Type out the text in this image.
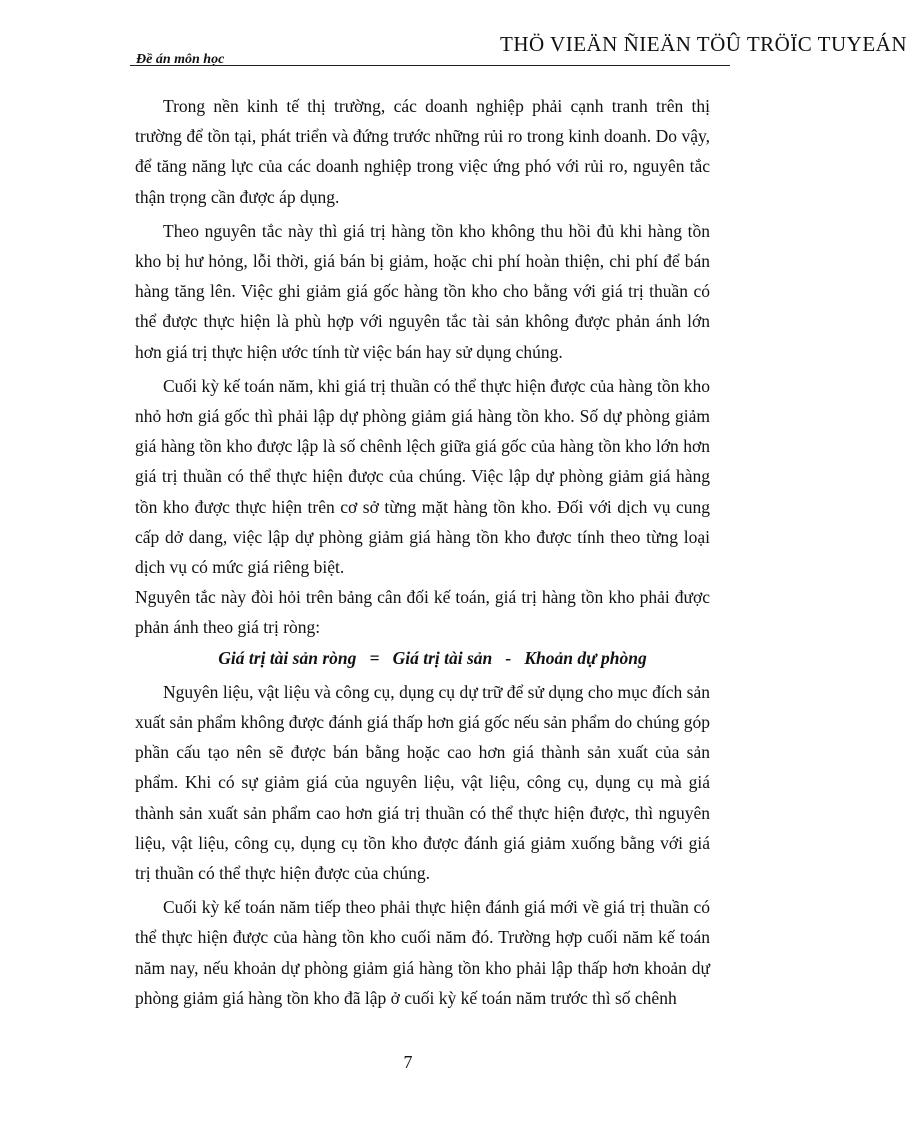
Đề án môn học
THÖ VIEÄN ÑIEÄN TÖÛ TRÖÏC TUYEÁN

Trong nền kinh tế thị trường, các doanh nghiệp phải cạnh tranh trên thị trường để tồn tại, phát triển và đứng trước những rủi ro trong kinh doanh. Do vậy, để tăng năng lực của các doanh nghiệp trong việc ứng phó với rủi ro, nguyên tắc thận trọng cần được áp dụng.

Theo nguyên tắc này thì giá trị hàng tồn kho không thu hồi đủ khi hàng tồn kho bị hư hỏng, lỗi thời, giá bán bị giảm, hoặc chi phí hoàn thiện, chi phí để bán hàng tăng lên. Việc ghi giảm giá gốc hàng tồn kho cho bằng với giá trị thuần có thể được thực hiện là phù hợp với nguyên tắc tài sản không được phản ánh lớn hơn giá trị thực hiện ước tính từ việc bán hay sử dụng chúng.

Cuối kỳ kế toán năm, khi giá trị thuần có thể thực hiện được của hàng tồn kho nhỏ hơn giá gốc thì phải lập dự phòng giảm giá hàng tồn kho. Số dự phòng giảm giá hàng tồn kho được lập là số chênh lệch giữa giá gốc của hàng tồn kho lớn hơn giá trị thuần có thể thực hiện được của chúng. Việc lập dự phòng giảm giá hàng tồn kho được thực hiện trên cơ sở từng mặt hàng tồn kho. Đối với dịch vụ cung cấp dở dang, việc lập dự phòng giảm giá hàng tồn kho được tính theo từng loại dịch vụ có mức giá riêng biệt.

Nguyên tắc này đòi hỏi trên bảng cân đối kế toán, giá trị hàng tồn kho phải được phản ánh theo giá trị ròng:

Giá trị tài sản ròng   =   Giá trị tài sản   -   Khoản dự phòng

Nguyên liệu, vật liệu và công cụ, dụng cụ dự trữ để sử dụng cho mục đích sản xuất sản phẩm không được đánh giá thấp hơn giá gốc nếu sản phẩm do chúng góp phần cấu tạo nên sẽ được bán bằng hoặc cao hơn giá thành sản xuất của sản phẩm. Khi có sự giảm giá của nguyên liệu, vật liệu, công cụ, dụng cụ mà giá thành sản xuất sản phẩm cao hơn giá trị thuần có thể thực hiện được, thì nguyên liệu, vật liệu, công cụ, dụng cụ tồn kho được đánh giá giảm xuống bằng với giá trị thuần có thể thực hiện được của chúng.

Cuối kỳ kế toán năm tiếp theo phải thực hiện đánh giá mới về giá trị thuần có thể thực hiện được của hàng tồn kho cuối năm đó. Trường hợp cuối năm kế toán năm nay, nếu khoản dự phòng giảm giá hàng tồn kho phải lập thấp hơn khoản dự phòng giảm giá hàng tồn kho đã lập ở cuối kỳ kế toán năm trước thì số chênh

7
